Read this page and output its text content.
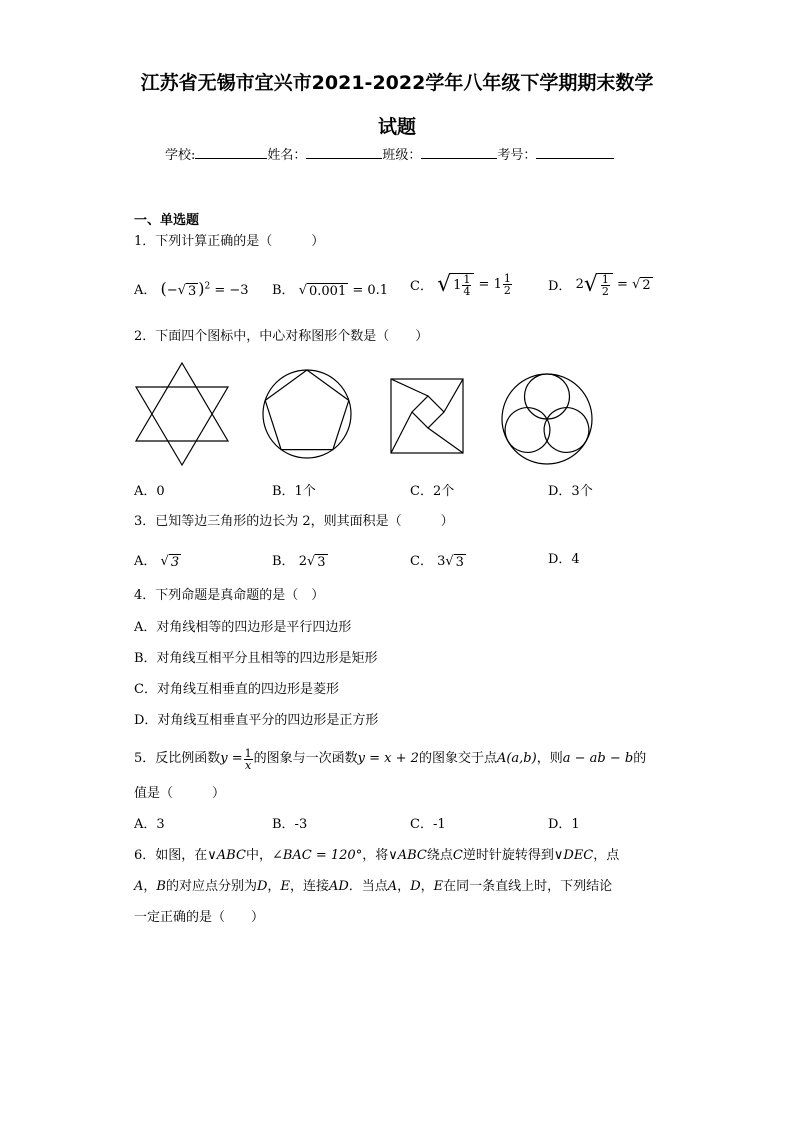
江苏省无锡市宜兴市2021-2022学年八年级下学期期末数学
试题
学校:	姓名：	班级：	考号：
一、单选题
1．下列计算正确的是（　　　）
A． (− √ 3 )$^2$ = −3 B． √ 0.001 = 0.1 C． √ $1 \frac{1}{4} = 1 \frac{1}{2}$	D． 2 √ $\frac{1}{2}$ = √ 2
2．下面四个图标中，中心对称图形个数是（　　）
A．0	B．1个	C．2个	D．3个
3．已知等边三角形的边长为 2，则其面积是（　　　）
A． √ 3	B． 2 √ 3	C． 3 √ 3	D．4
4．下列命题是真命题的是（　）
A．对角线相等的四边形是平行四边形
B．对角线互相平分且相等的四边形是矩形
C．对角线互相垂直的四边形是菱形
D．对角线互相垂直平分的四边形是正方形
5．反比例函数 $y = \frac{1}{x}$ 的图象与一次函数 y = x + 2 的图象交于点 A(a,b) ，则 a − ab − b 的
值是（　　　）
A．3	B．-3	C．-1	D．1
6．如图，在∨ABC中，∠BAC = 120°，将∨ABC绕点C逆时针旋转得到∨DEC，点
A，B的对应点分别为D，E，连接AD．当点A，D，E在同一条直线上时，下列结论
一定正确的是（　　）
